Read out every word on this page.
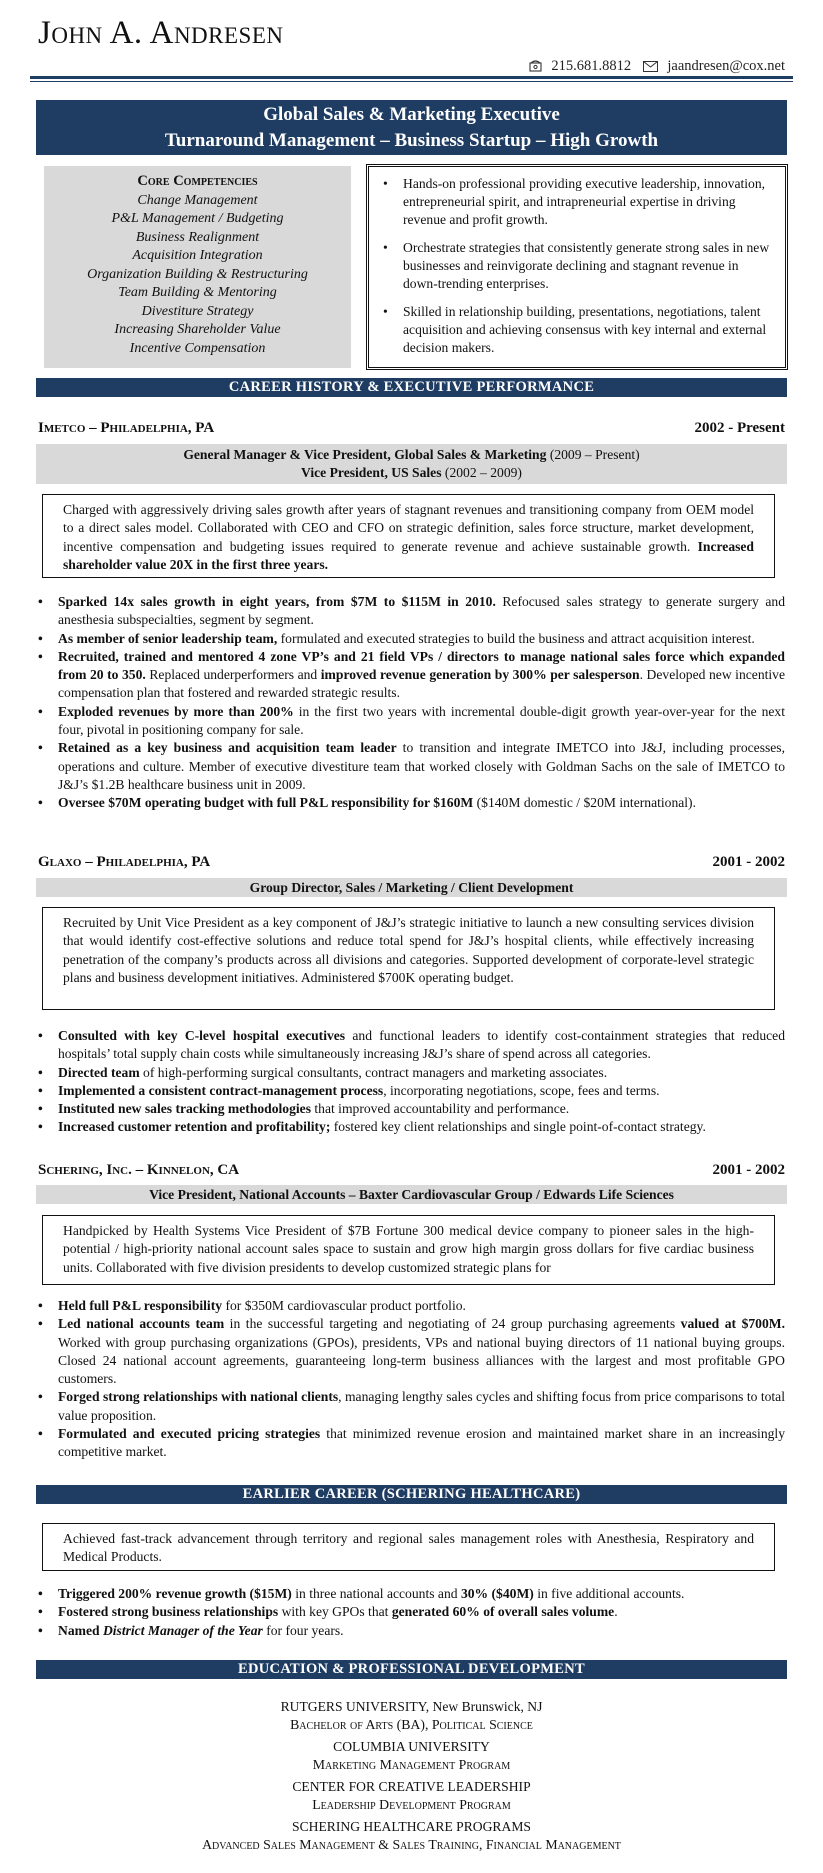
John A. Andresen
215.681.8812	jaandresen@cox.net
Global Sales & Marketing Executive
Turnaround Management – Business Startup – High Growth
Core Competencies
Change Management
P&L Management / Budgeting
Business Realignment
Acquisition Integration
Organization Building & Restructuring
Team Building & Mentoring
Divestiture Strategy
Increasing Shareholder Value
Incentive Compensation
• Hands-on professional providing executive leadership, innovation, entrepreneurial spirit, and intrapreneurial expertise in driving revenue and profit growth.
• Orchestrate strategies that consistently generate strong sales in new businesses and reinvigorate declining and stagnant revenue in down-trending enterprises.
• Skilled in relationship building, presentations, negotiations, talent acquisition and achieving consensus with key internal and external decision makers.
CAREER HISTORY & EXECUTIVE PERFORMANCE
Imetco – Philadelphia, PA	2002 - Present
General Manager & Vice President, Global Sales & Marketing (2009 – Present)
Vice President, US Sales (2002 – 2009)
Charged with aggressively driving sales growth after years of stagnant revenues and transitioning company from OEM model to a direct sales model. Collaborated with CEO and CFO on strategic definition, sales force structure, market development, incentive compensation and budgeting issues required to generate revenue and achieve sustainable growth. Increased shareholder value 20X in the first three years.
• Sparked 14x sales growth in eight years, from $7M to $115M in 2010. Refocused sales strategy to generate surgery and anesthesia subspecialties, segment by segment.
• As member of senior leadership team, formulated and executed strategies to build the business and attract acquisition interest.
• Recruited, trained and mentored 4 zone VP’s and 21 field VPs / directors to manage national sales force which expanded from 20 to 350. Replaced underperformers and improved revenue generation by 300% per salesperson. Developed new incentive compensation plan that fostered and rewarded strategic results.
• Exploded revenues by more than 200% in the first two years with incremental double-digit growth year-over-year for the next four, pivotal in positioning company for sale.
• Retained as a key business and acquisition team leader to transition and integrate IMETCO into J&J, including processes, operations and culture. Member of executive divestiture team that worked closely with Goldman Sachs on the sale of IMETCO to J&J’s $1.2B healthcare business unit in 2009.
• Oversee $70M operating budget with full P&L responsibility for $160M ($140M domestic / $20M international).
Glaxo – Philadelphia, PA	2001 - 2002
Group Director, Sales / Marketing / Client Development
Recruited by Unit Vice President as a key component of J&J’s strategic initiative to launch a new consulting services division that would identify cost-effective solutions and reduce total spend for J&J’s hospital clients, while effectively increasing penetration of the company’s products across all divisions and categories. Supported development of corporate-level strategic plans and business development initiatives. Administered $700K operating budget.
• Consulted with key C-level hospital executives and functional leaders to identify cost-containment strategies that reduced hospitals’ total supply chain costs while simultaneously increasing J&J’s share of spend across all categories.
• Directed team of high-performing surgical consultants, contract managers and marketing associates.
• Implemented a consistent contract-management process, incorporating negotiations, scope, fees and terms.
• Instituted new sales tracking methodologies that improved accountability and performance.
• Increased customer retention and profitability; fostered key client relationships and single point-of-contact strategy.
Schering, Inc. – Kinnelon, CA	2001 - 2002
Vice President, National Accounts – Baxter Cardiovascular Group / Edwards Life Sciences
Handpicked by Health Systems Vice President of $7B Fortune 300 medical device company to pioneer sales in the high-potential / high-priority national account sales space to sustain and grow high margin gross dollars for five cardiac business units. Collaborated with five division presidents to develop customized strategic plans for
• Held full P&L responsibility for $350M cardiovascular product portfolio.
• Led national accounts team in the successful targeting and negotiating of 24 group purchasing agreements valued at $700M. Worked with group purchasing organizations (GPOs), presidents, VPs and national buying directors of 11 national buying groups. Closed 24 national account agreements, guaranteeing long-term business alliances with the largest and most profitable GPO customers.
• Forged strong relationships with national clients, managing lengthy sales cycles and shifting focus from price comparisons to total value proposition.
• Formulated and executed pricing strategies that minimized revenue erosion and maintained market share in an increasingly competitive market.
EARLIER CAREER (SCHERING HEALTHCARE)
Achieved fast-track advancement through territory and regional sales management roles with Anesthesia, Respiratory and Medical Products.
• Triggered 200% revenue growth ($15M) in three national accounts and 30% ($40M) in five additional accounts.
• Fostered strong business relationships with key GPOs that generated 60% of overall sales volume.
• Named District Manager of the Year for four years.
EDUCATION & PROFESSIONAL DEVELOPMENT
RUTGERS UNIVERSITY, New Brunswick, NJ
Bachelor of Arts (BA), Political Science
COLUMBIA UNIVERSITY
Marketing Management Program
CENTER FOR CREATIVE LEADERSHIP
Leadership Development Program
SCHERING HEALTHCARE PROGRAMS
Advanced Sales Management & Sales Training, Financial Management
